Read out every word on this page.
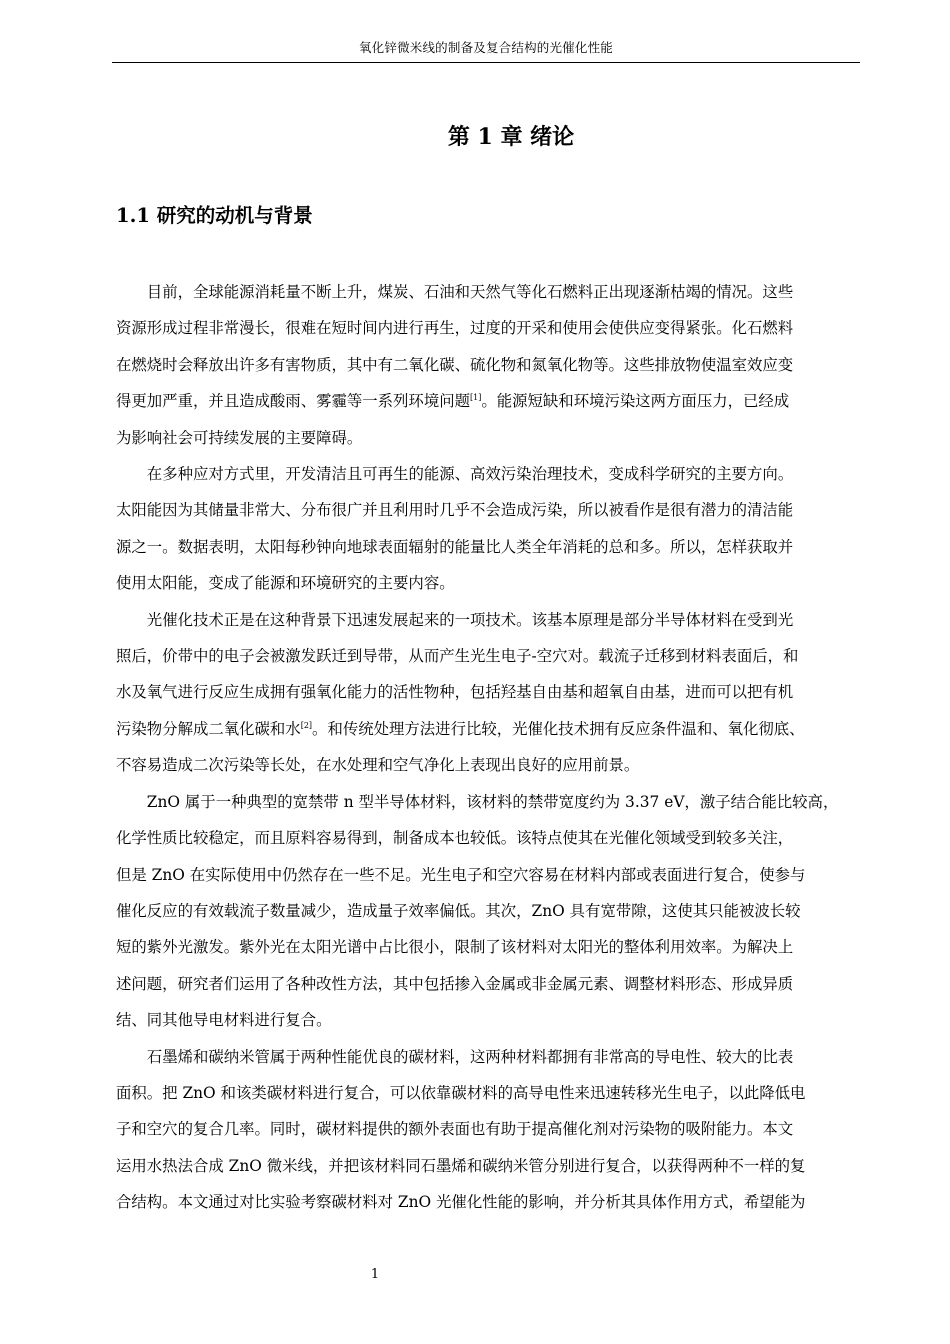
氧化锌微米线的制备及复合结构的光催化性能
第 1 章 绪论
1.1 研究的动机与背景
目前，全球能源消耗量不断上升，煤炭、石油和天然气等化石燃料正出现逐渐枯竭的情况。这些
资源形成过程非常漫长，很难在短时间内进行再生，过度的开采和使用会使供应变得紧张。化石燃料
在燃烧时会释放出许多有害物质，其中有二氧化碳、硫化物和氮氧化物等。这些排放物使温室效应变
得更加严重，并且造成酸雨、雾霾等一系列环境问题[1]。能源短缺和环境污染这两方面压力，已经成
为影响社会可持续发展的主要障碍。
在多种应对方式里，开发清洁且可再生的能源、高效污染治理技术，变成科学研究的主要方向。
太阳能因为其储量非常大、分布很广并且利用时几乎不会造成污染，所以被看作是很有潜力的清洁能
源之一。数据表明，太阳每秒钟向地球表面辐射的能量比人类全年消耗的总和多。所以，怎样获取并
使用太阳能，变成了能源和环境研究的主要内容。
光催化技术正是在这种背景下迅速发展起来的一项技术。该基本原理是部分半导体材料在受到光
照后，价带中的电子会被激发跃迁到导带，从而产生光生电子-空穴对。载流子迁移到材料表面后，和
水及氧气进行反应生成拥有强氧化能力的活性物种，包括羟基自由基和超氧自由基，进而可以把有机
污染物分解成二氧化碳和水[2]。和传统处理方法进行比较，光催化技术拥有反应条件温和、氧化彻底、
不容易造成二次污染等长处，在水处理和空气净化上表现出良好的应用前景。
ZnO 属于一种典型的宽禁带 n 型半导体材料，该材料的禁带宽度约为 3.37 eV，激子结合能比较高，
化学性质比较稳定，而且原料容易得到，制备成本也较低。该特点使其在光催化领域受到较多关注，
但是 ZnO 在实际使用中仍然存在一些不足。光生电子和空穴容易在材料内部或表面进行复合，使参与
催化反应的有效载流子数量减少，造成量子效率偏低。其次，ZnO 具有宽带隙，这使其只能被波长较
短的紫外光激发。紫外光在太阳光谱中占比很小，限制了该材料对太阳光的整体利用效率。为解决上
述问题，研究者们运用了各种改性方法，其中包括掺入金属或非金属元素、调整材料形态、形成异质
结、同其他导电材料进行复合。
石墨烯和碳纳米管属于两种性能优良的碳材料，这两种材料都拥有非常高的导电性、较大的比表
面积。把 ZnO 和该类碳材料进行复合，可以依靠碳材料的高导电性来迅速转移光生电子，以此降低电
子和空穴的复合几率。同时，碳材料提供的额外表面也有助于提高催化剂对污染物的吸附能力。本文
运用水热法合成 ZnO 微米线，并把该材料同石墨烯和碳纳米管分别进行复合，以获得两种不一样的复
合结构。本文通过对比实验考察碳材料对 ZnO 光催化性能的影响，并分析其具体作用方式，希望能为
1
